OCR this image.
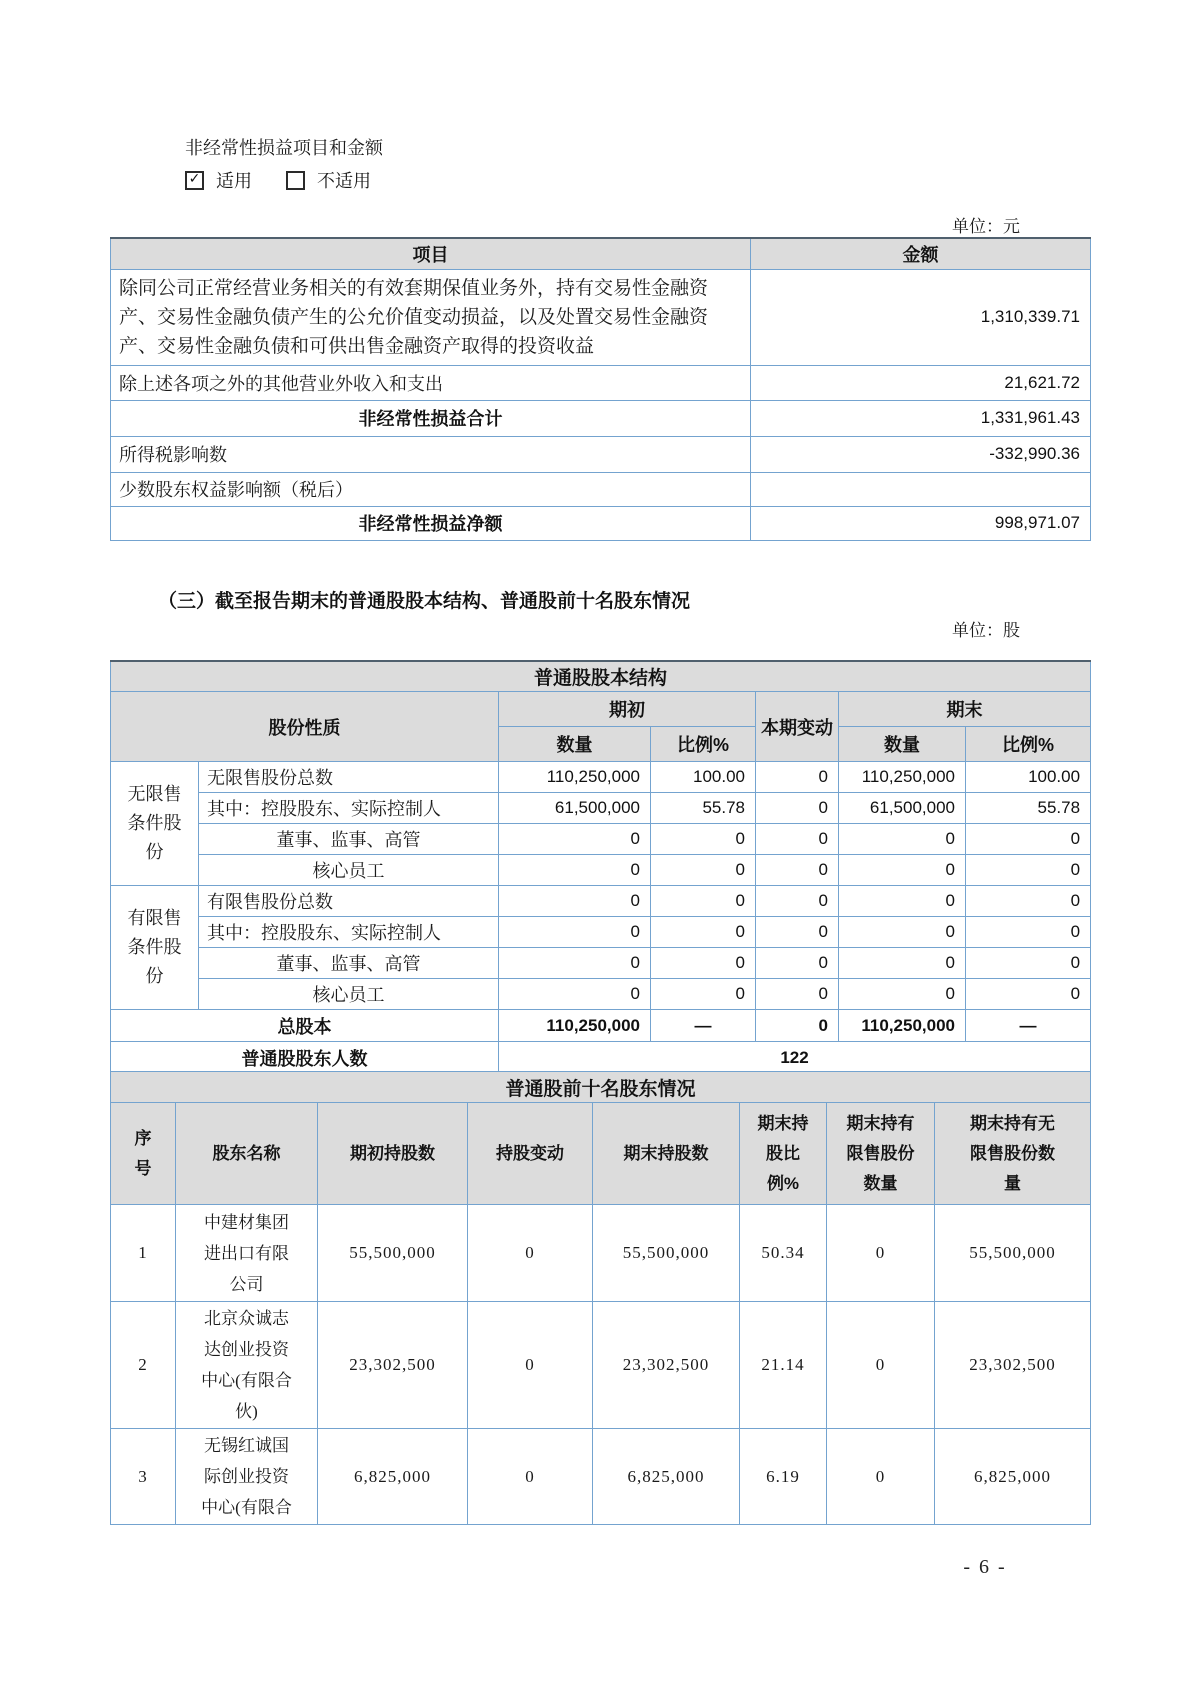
非经常性损益项目和金额
✓ 适用	不适用
单位：元
项目	金额
除同公司正常经营业务相关的有效套期保值业务外，持有交易性金融资产、交易性金融负债产生的公允价值变动损益，以及处置交易性金融资产、交易性金融负债和可供出售金融资产取得的投资收益	1,310,339.71
除上述各项之外的其他营业外收入和支出	21,621.72
非经常性损益合计	1,331,961.43
所得税影响数	-332,990.36
少数股东权益影响额（税后）	
非经常性损益净额	998,971.07
（三）截至报告期末的普通股股本结构、普通股前十名股东情况
单位：股
普通股股本结构						
股份性质		期初		本期变动	期末	
		数量	比例%		数量	比例%
无限售条件股份	无限售股份总数	110,250,000	100.00	0	110,250,000	100.00
	其中：控股股东、实际控制人	61,500,000	55.78	0	61,500,000	55.78
	董事、监事、高管	0	0	0	0	0
	核心员工	0	0	0	0	0
有限售条件股份	有限售股份总数	0	0	0	0	0
	其中：控股股东、实际控制人	0	0	0	0	0
	董事、监事、高管	0	0	0	0	0
	核心员工	0	0	0	0	0
总股本		110,250,000	—	0	110,250,000	—
普通股股东人数		122				
普通股前十名股东情况							
序号	股东名称	期初持股数	持股变动	期末持股数	期末持股比例%	期末持有限售股份数量	期末持有无限售股份数量
1	中建材集团进出口有限公司	55,500,000	0	55,500,000	50.34	0	55,500,000
2	北京众诚志达创业投资中心(有限合伙)	23,302,500	0	23,302,500	21.14	0	23,302,500
3	无锡红诚国际创业投资中心(有限合	6,825,000	0	6,825,000	6.19	0	6,825,000
- 6 -
